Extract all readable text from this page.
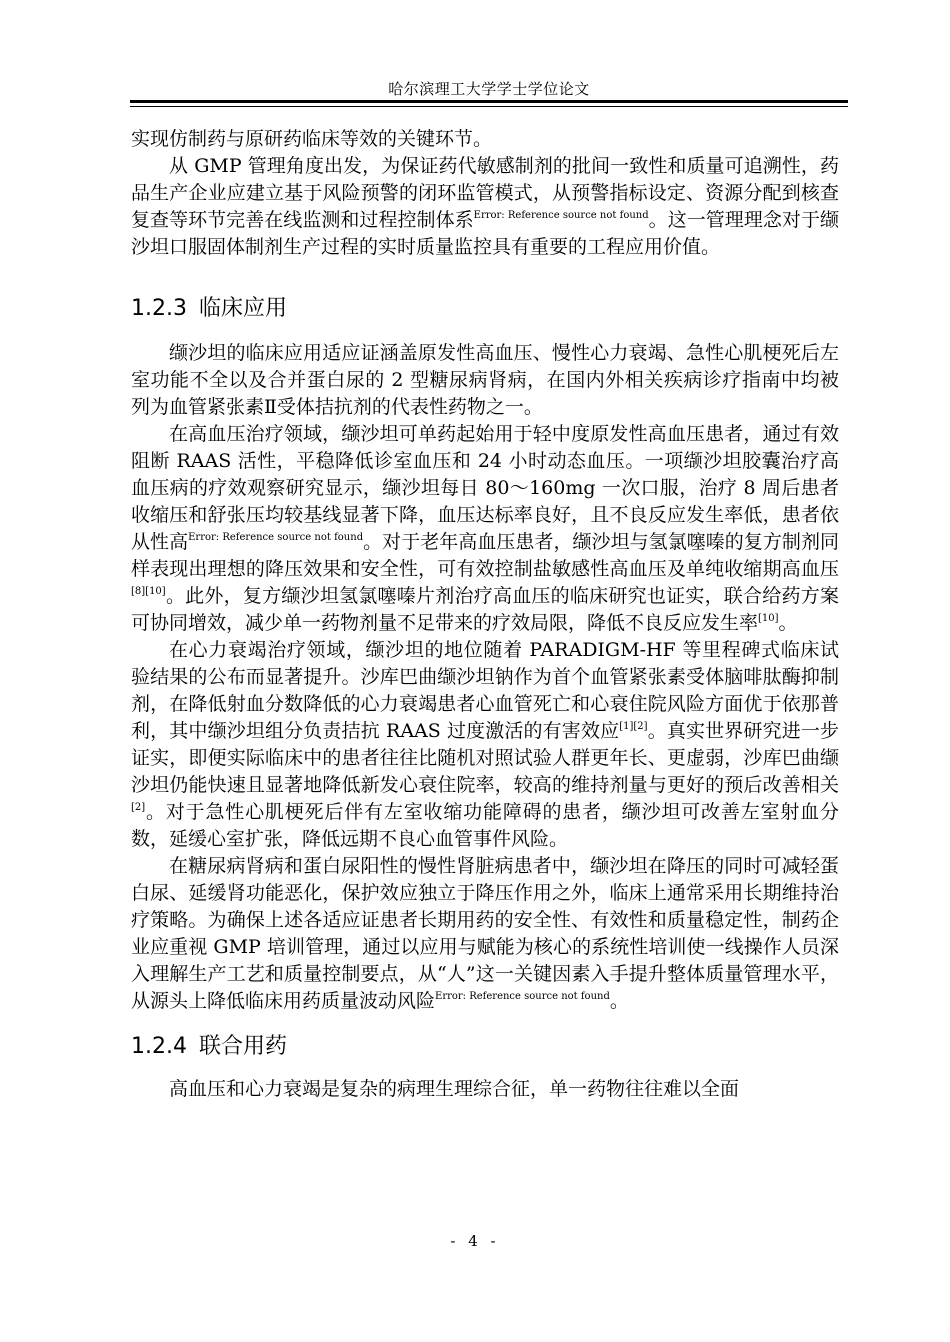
哈尔滨理工大学学士学位论文

实现仿制药与原研药临床等效的关键环节。

从 GMP 管理角度出发，为保证药代敏感制剂的批间一致性和质量可追溯性，药品生产企业应建立基于风险预警的闭环监管模式，从预警指标设定、资源分配到核查复查等环节完善在线监测和过程控制体系$^{Error: Reference source not found}$。这一管理理念对于缬沙坦口服固体制剂生产过程的实时质量监控具有重要的工程应用价值。

1.2.3 临床应用

缬沙坦的临床应用适应证涵盖原发性高血压、慢性心力衰竭、急性心肌梗死后左室功能不全以及合并蛋白尿的 2 型糖尿病肾病，在国内外相关疾病诊疗指南中均被列为血管紧张素Ⅱ受体拮抗剂的代表性药物之一。

在高血压治疗领域，缬沙坦可单药起始用于轻中度原发性高血压患者，通过有效阻断 RAAS 活性，平稳降低诊室血压和 24 小时动态血压。一项缬沙坦胶囊治疗高血压病的疗效观察研究显示，缬沙坦每日 80～160mg 一次口服，治疗 8 周后患者收缩压和舒张压均较基线显著下降，血压达标率良好，且不良反应发生率低，患者依从性高$^{Error: Reference source not found}$。对于老年高血压患者，缬沙坦与氢氯噻嗪的复方制剂同样表现出理想的降压效果和安全性，可有效控制盐敏感性高血压及单纯收缩期高血压[8][10]。此外，复方缬沙坦氢氯噻嗪片剂治疗高血压的临床研究也证实，联合给药方案可协同增效，减少单一药物剂量不足带来的疗效局限，降低不良反应发生率[10]。

在心力衰竭治疗领域，缬沙坦的地位随着 PARADIGM-HF 等里程碑式临床试验结果的公布而显著提升。沙库巴曲缬沙坦钠作为首个血管紧张素受体脑啡肽酶抑制剂，在降低射血分数降低的心力衰竭患者心血管死亡和心衰住院风险方面优于依那普利，其中缬沙坦组分负责拮抗 RAAS 过度激活的有害效应[1][2]。真实世界研究进一步证实，即便实际临床中的患者往往比随机对照试验人群更年长、更虚弱，沙库巴曲缬沙坦仍能快速且显著地降低新发心衰住院率，较高的维持剂量与更好的预后改善相关[2]。对于急性心肌梗死后伴有左室收缩功能障碍的患者，缬沙坦可改善左室射血分数，延缓心室扩张，降低远期不良心血管事件风险。

在糖尿病肾病和蛋白尿阳性的慢性肾脏病患者中，缬沙坦在降压的同时可减轻蛋白尿、延缓肾功能恶化，保护效应独立于降压作用之外，临床上通常采用长期维持治疗策略。为确保上述各适应证患者长期用药的安全性、有效性和质量稳定性，制药企业应重视 GMP 培训管理，通过以应用与赋能为核心的系统性培训使一线操作人员深入理解生产工艺和质量控制要点，从“人”这一关键因素入手提升整体质量管理水平，从源头上降低临床用药质量波动风险$^{Error: Reference source not found}$。

1.2.4 联合用药

高血压和心力衰竭是复杂的病理生理综合征，单一药物往往难以全面

- 4 -
